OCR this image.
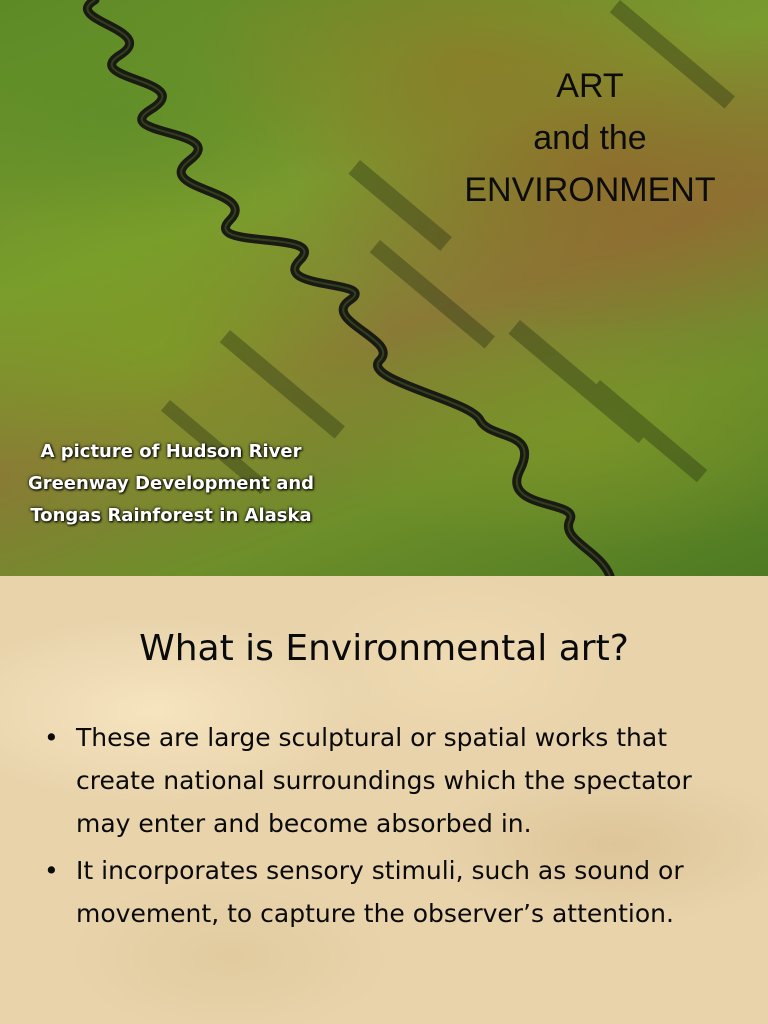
ART
and the
ENVIRONMENT
A picture of Hudson River
Greenway Development and
Tongas Rainforest in Alaska
What is Environmental art?
• These are large sculptural or spatial works that create national surroundings which the spectator may enter and become absorbed in.
• It incorporates sensory stimuli, such as sound or movement, to capture the observer’s attention.
